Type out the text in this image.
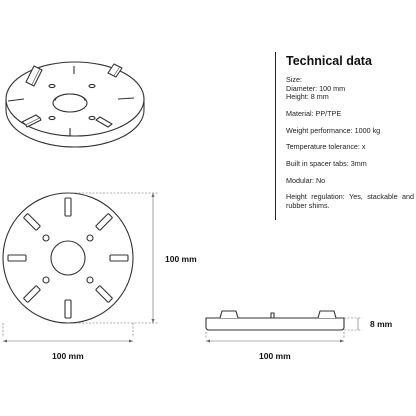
Technical data

Size:

Diameter: 100 mm

Height: 8 mm

Material: PP/TPE

Weight performance: 1000 kg

Temperature tolerance: x

Built in spacer tabs: 3mm

Modular: No

Height regulation: Yes, stackable and rubber shims.

100 mm
100 mm
100 mm
8 mm
